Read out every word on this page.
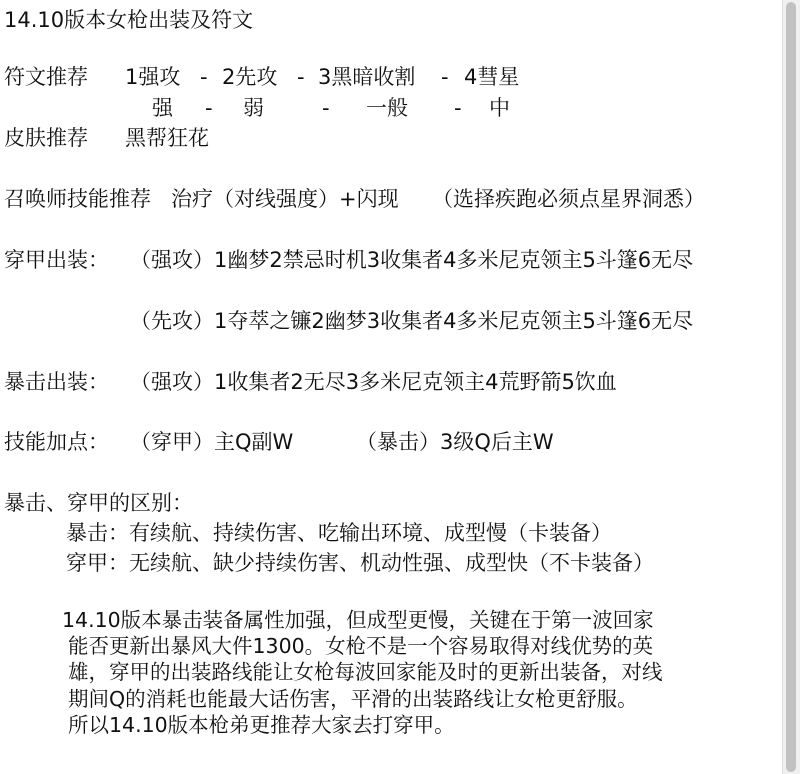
14.10版本女枪出装及符文
符文推荐 1强攻 - 2先攻 - 3黑暗收割 - 4彗星
强 - 弱	- 一般 - 中
皮肤推荐 黑帮狂花
召唤师技能推荐   治疗（对线强度）+闪现     （选择疾跑必须点星界洞悉）
穿甲出装： （强攻）1幽梦2禁忌时机3收集者4多米尼克领主5斗篷6无尽
（先攻）1夺萃之镰2幽梦3收集者4多米尼克领主5斗篷6无尽
暴击出装： （强攻）1收集者2无尽3多米尼克领主4荒野箭5饮血
技能加点： （穿甲）主Q副W	（暴击）3级Q后主W
暴击、穿甲的区别：
暴击：有续航、持续伤害、吃输出环境、成型慢（卡装备）
穿甲：无续航、缺少持续伤害、机动性强、成型快（不卡装备）
14.10版本暴击装备属性加强，但成型更慢，关键在于第一波回家
能否更新出暴风大件1300。女枪不是一个容易取得对线优势的英
雄，穿甲的出装路线能让女枪每波回家能及时的更新出装备，对线
期间Q的消耗也能最大话伤害，平滑的出装路线让女枪更舒服。
所以14.10版本枪弟更推荐大家去打穿甲。
